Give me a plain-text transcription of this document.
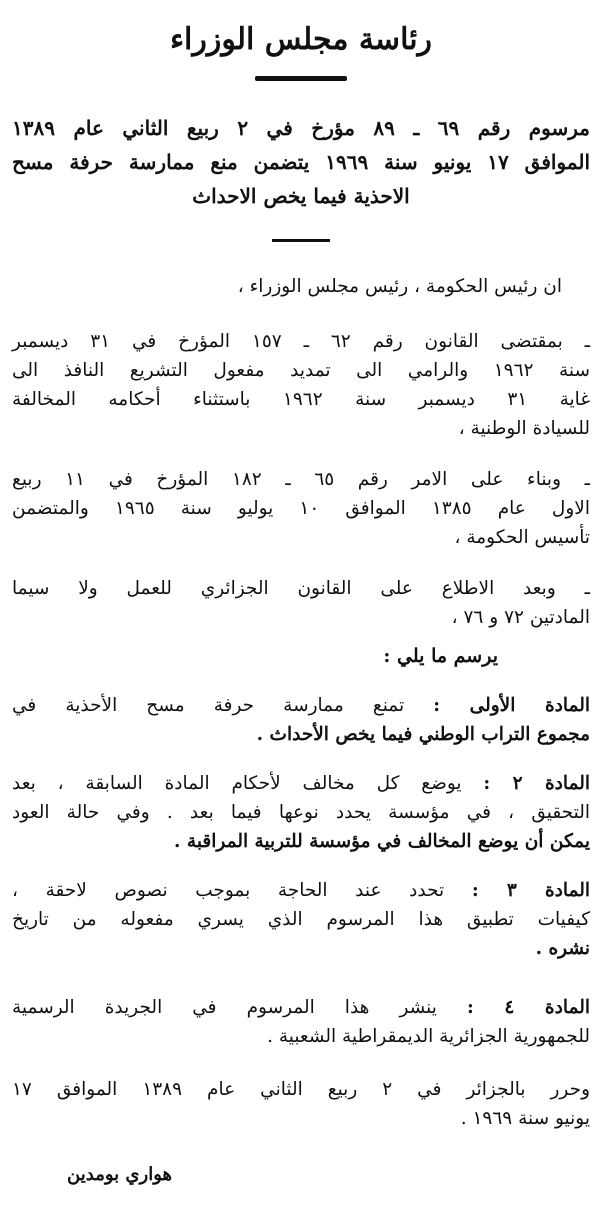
رئاسة مجلس الوزراء
مرسوم رقم ٦٩ ـ ٨٩ مؤرخ في ٢ ربيع الثاني عام ١٣٨٩
الموافق ١٧ يونيو سنة ١٩٦٩ يتضمن منع ممارسة حرفة مسح
الاحذية فيما يخص الاحداث

ان رئيس الحكومة ، رئيس مجلس الوزراء ،

ـ بمقتضى القانون رقم ٦٢ ـ ١٥٧ المؤرخ في ٣١ ديسمبر
سنة ١٩٦٢ والرامي الى تمديد مفعول التشريع النافذ الى
غاية ٣١ ديسمبر سنة ١٩٦٢ باستثناء أحكامه المخالفة
للسيادة الوطنية ،
ـ وبناء على الامر رقم ٦٥ ـ ١٨٢ المؤرخ في ١١ ربيع
الاول عام ١٣٨٥ الموافق ١٠ يوليو سنة ١٩٦٥ والمتضمن
تأسيس الحكومة ،
ـ وبعد الاطلاع على القانون الجزائري للعمل ولا سيما
المادتين ٧٢ و ٧٦ ،

يرسم ما يلي :

المادة الأولى : تمنع ممارسة حرفة مسح الأحذية في
مجموع التراب الوطني فيما يخص الأحداث .
المادة ٢ : يوضع كل مخالف لأحكام المادة السابقة ، بعد
التحقيق ، في مؤسسة يحدد نوعها فيما بعد . وفي حالة العود
يمكن أن يوضع المخالف في مؤسسة للتربية المراقبة .
المادة ٣ : تحدد عند الحاجة بموجب نصوص لاحقة ،
كيفيات تطبيق هذا المرسوم الذي يسري مفعوله من تاريخ
نشره .
المادة ٤ : ينشر هذا المرسوم في الجريدة الرسمية
للجمهورية الجزائرية الديمقراطية الشعبية .
وحرر بالجزائر في ٢ ربيع الثاني عام ١٣٨٩ الموافق ١٧
يونيو سنة ١٩٦٩ .
هواري بومدين
